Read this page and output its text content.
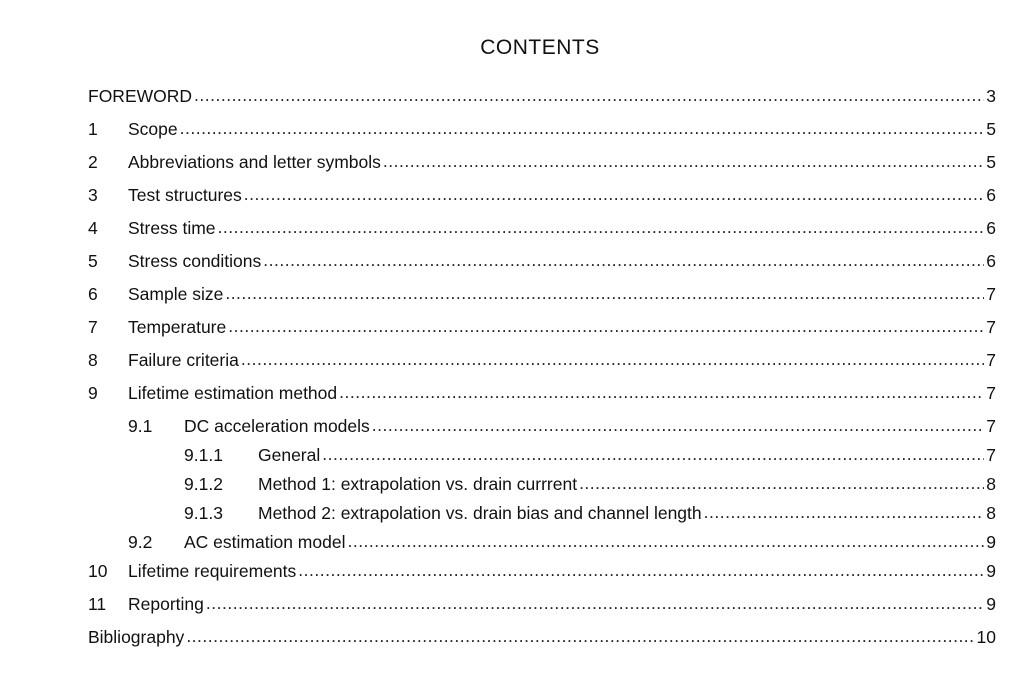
CONTENTS
FOREWORD .....	3
1	Scope .....	5
2	Abbreviations and letter symbols .....	5
3	Test structures .....	6
4	Stress time .....	6
5	Stress conditions .....	6
6	Sample size .....	7
7	Temperature .....	7
8	Failure criteria .....	7
9	Lifetime estimation method .....	7
9.1	DC acceleration models .....	7
9.1.1	General .....	7
9.1.2	Method 1: extrapolation vs. drain currrent .....	8
9.1.3	Method 2: extrapolation vs. drain bias and channel length .....	8
9.2	AC estimation model .....	9
10	Lifetime requirements .....	9
11	Reporting .....	9
Bibliography .....	10
